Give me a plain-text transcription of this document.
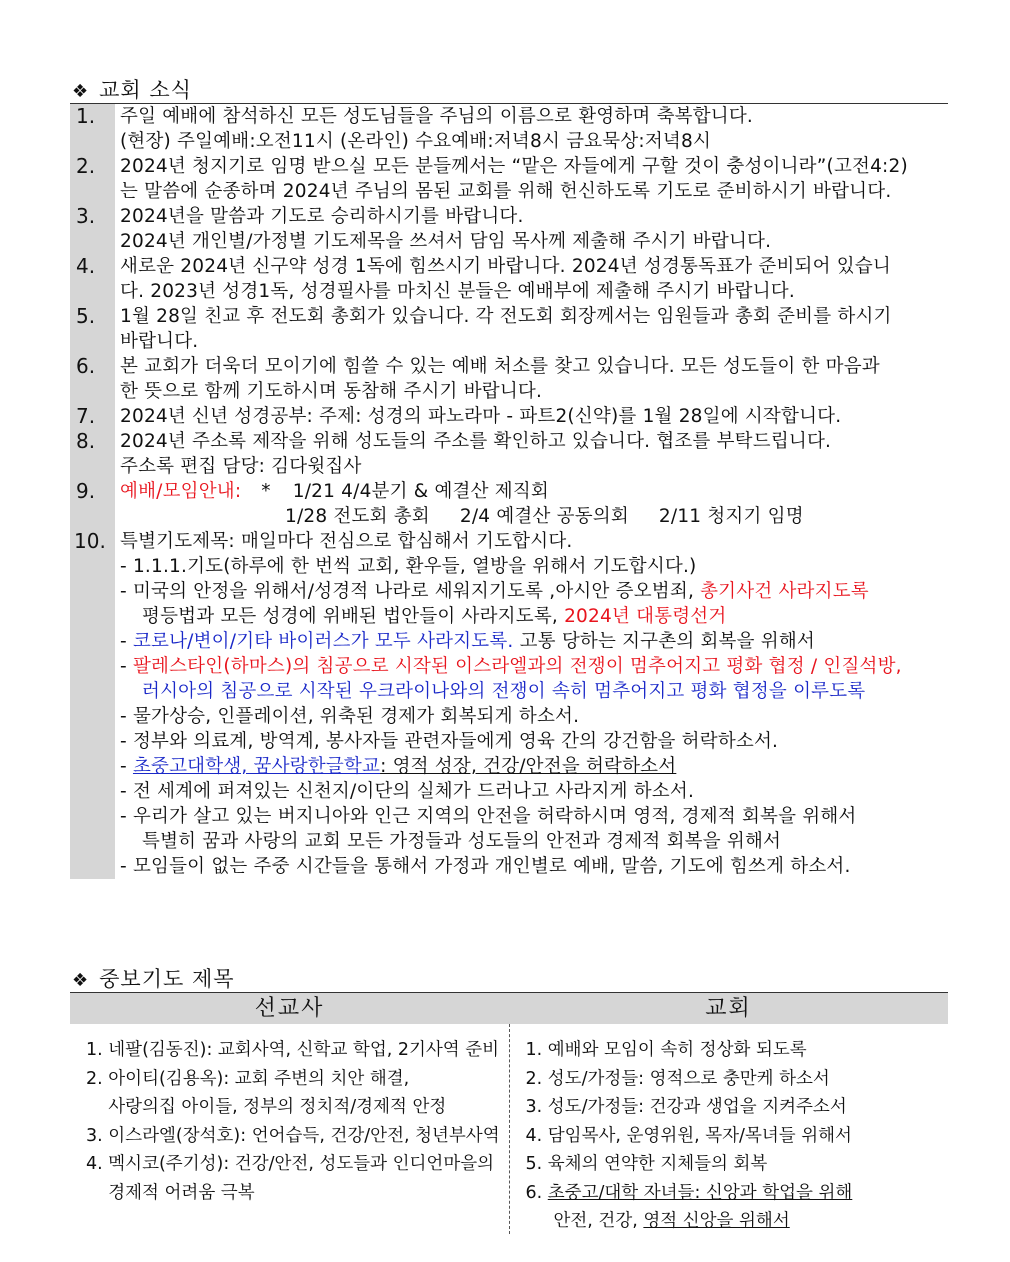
❖ 교회 소식
1.	주일 예배에 참석하신 모든 성도님들을 주님의 이름으로 환영하며 축복합니다.
(현장) 주일예배:오전11시 (온라인) 수요예배:저녁8시 금요묵상:저녁8시
2.	2024년 청지기로 임명 받으실 모든 분들께서는 “맡은 자들에게 구할 것이 충성이니라”(고전4:2)
는 말씀에 순종하며 2024년 주님의 몸된 교회를 위해 헌신하도록 기도로 준비하시기 바랍니다.
3.	2024년을 말씀과 기도로 승리하시기를 바랍니다.
2024년 개인별/가정별 기도제목을 쓰셔서 담임 목사께 제출해 주시기 바랍니다.
4.	새로운 2024년 신구약 성경 1독에 힘쓰시기 바랍니다. 2024년 성경통독표가 준비되어 있습니
다. 2023년 성경1독, 성경필사를 마치신 분들은 예배부에 제출해 주시기 바랍니다.
5.	1월 28일 친교 후 전도회 총회가 있습니다. 각 전도회 회장께서는 임원들과 총회 준비를 하시기
바랍니다.
6.	본 교회가 더욱더 모이기에 힘쓸 수 있는 예배 처소를 찾고 있습니다. 모든 성도들이 한 마음과
한 뜻으로 함께 기도하시며 동참해 주시기 바랍니다.
7.	2024년 신년 성경공부: 주제: 성경의 파노라마 - 파트2(신약)를 1월 28일에 시작합니다.
8.	2024년 주소록 제작을 위해 성도들의 주소를 확인하고 있습니다. 협조를 부탁드립니다.
주소록 편집 담당: 김다윗집사
9.	예배/모임안내: * 1/21 4/4분기 & 예결산 제직회
1/28 전도회 총회 2/4 예결산 공동의회 2/11 청지기 임명
10. 특별기도제목: 매일마다 전심으로 합심해서 기도합시다.
- 1.1.1.기도(하루에 한 번씩 교회, 환우들, 열방을 위해서 기도합시다.)
- 미국의 안정을 위해서/성경적 나라로 세워지기도록 ,아시안 증오범죄, 총기사건 사라지도록
평등법과 모든 성경에 위배된 법안들이 사라지도록, 2024년 대통령선거
- 코로나/변이/기타 바이러스가 모두 사라지도록. 고통 당하는 지구촌의 회복을 위해서
- 팔레스타인(하마스)의 침공으로 시작된 이스라엘과의 전쟁이 멈추어지고 평화 협정 / 인질석방,
러시아의 침공으로 시작된 우크라이나와의 전쟁이 속히 멈추어지고 평화 협정을 이루도록
- 물가상승, 인플레이션, 위축된 경제가 회복되게 하소서.
- 정부와 의료계, 방역계, 봉사자들 관련자들에게 영육 간의 강건함을 허락하소서.
- 초중고대학생, 꿈사랑한글학교: 영적 성장, 건강/안전을 허락하소서
- 전 세계에 퍼져있는 신천지/이단의 실체가 드러나고 사라지게 하소서.
- 우리가 살고 있는 버지니아와 인근 지역의 안전을 허락하시며 영적, 경제적 회복을 위해서
특별히 꿈과 사랑의 교회 모든 가정들과 성도들의 안전과 경제적 회복을 위해서
- 모임들이 없는 주중 시간들을 통해서 가정과 개인별로 예배, 말씀, 기도에 힘쓰게 하소서.
❖ 중보기도 제목
선교사	교회
1. 네팔(김동진): 교회사역, 신학교 학업, 2기사역 준비
2. 아이티(김용옥): 교회 주변의 치안 해결,
사랑의집 아이들, 정부의 정치적/경제적 안정
3. 이스라엘(장석호): 언어습득, 건강/안전, 청년부사역
4. 멕시코(주기성): 건강/안전, 성도들과 인디언마을의
경제적 어려움 극복
1. 예배와 모임이 속히 정상화 되도록
2. 성도/가정들: 영적으로 충만케 하소서
3. 성도/가정들: 건강과 생업을 지켜주소서
4. 담임목사, 운영위원, 목자/목녀들 위해서
5. 육체의 연약한 지체들의 회복
6. 초중고/대학 자녀들: 신앙과 학업을 위해
안전, 건강, 영적 신앙을 위해서
